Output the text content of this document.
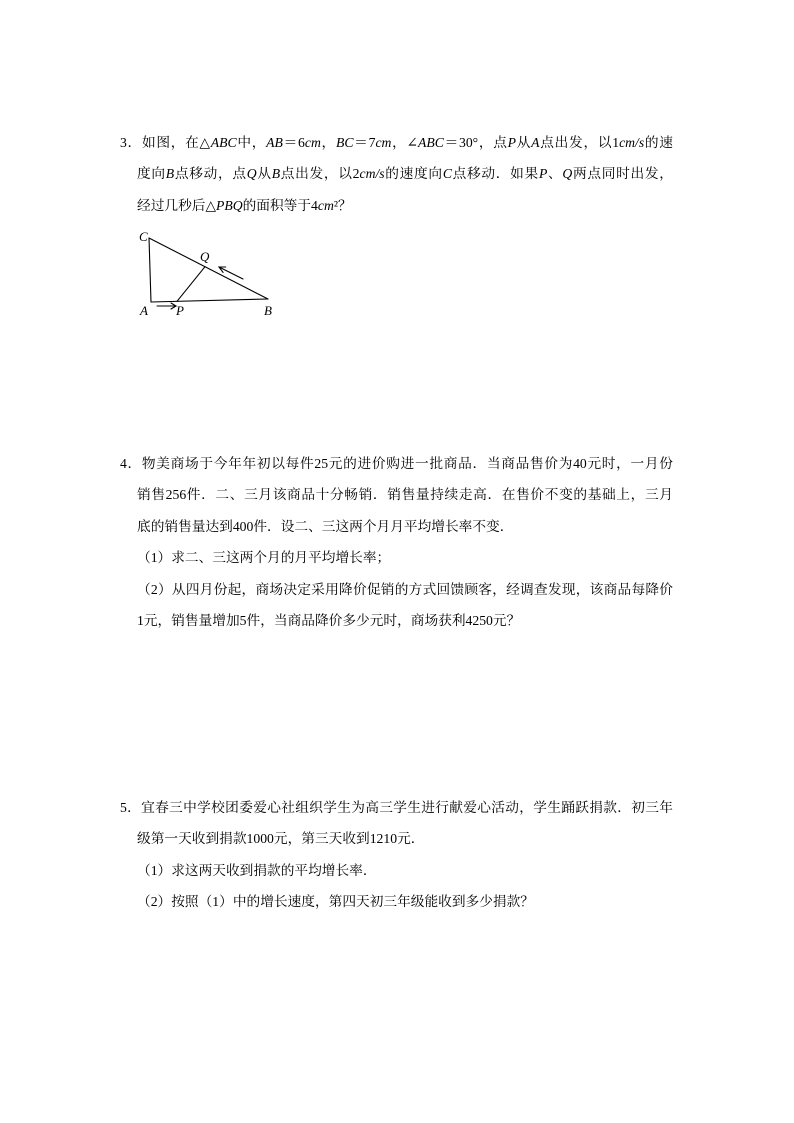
3．如图，在△ABC中，AB＝6cm，BC＝7cm，∠ABC＝30°，点P从A点出发，以1cm/s的速
度向B点移动，点Q从B点出发，以2cm/s的速度向C点移动．如果P、Q两点同时出发，
经过几秒后△PBQ的面积等于4cm²？
C
Q
A P	B
4．物美商场于今年年初以每件25元的进价购进一批商品．当商品售价为40元时，一月份
销售256件．二、三月该商品十分畅销．销售量持续走高．在售价不变的基础上，三月
底的销售量达到400件．设二、三这两个月月平均增长率不变．
（1）求二、三这两个月的月平均增长率；
（2）从四月份起，商场决定采用降价促销的方式回馈顾客，经调查发现，该商品每降价
1元，销售量增加5件，当商品降价多少元时，商场获利4250元？
5．宜春三中学校团委爱心社组织学生为高三学生进行献爱心活动，学生踊跃捐款．初三年
级第一天收到捐款1000元，第三天收到1210元．
（1）求这两天收到捐款的平均增长率．
（2）按照（1）中的增长速度，第四天初三年级能收到多少捐款？
